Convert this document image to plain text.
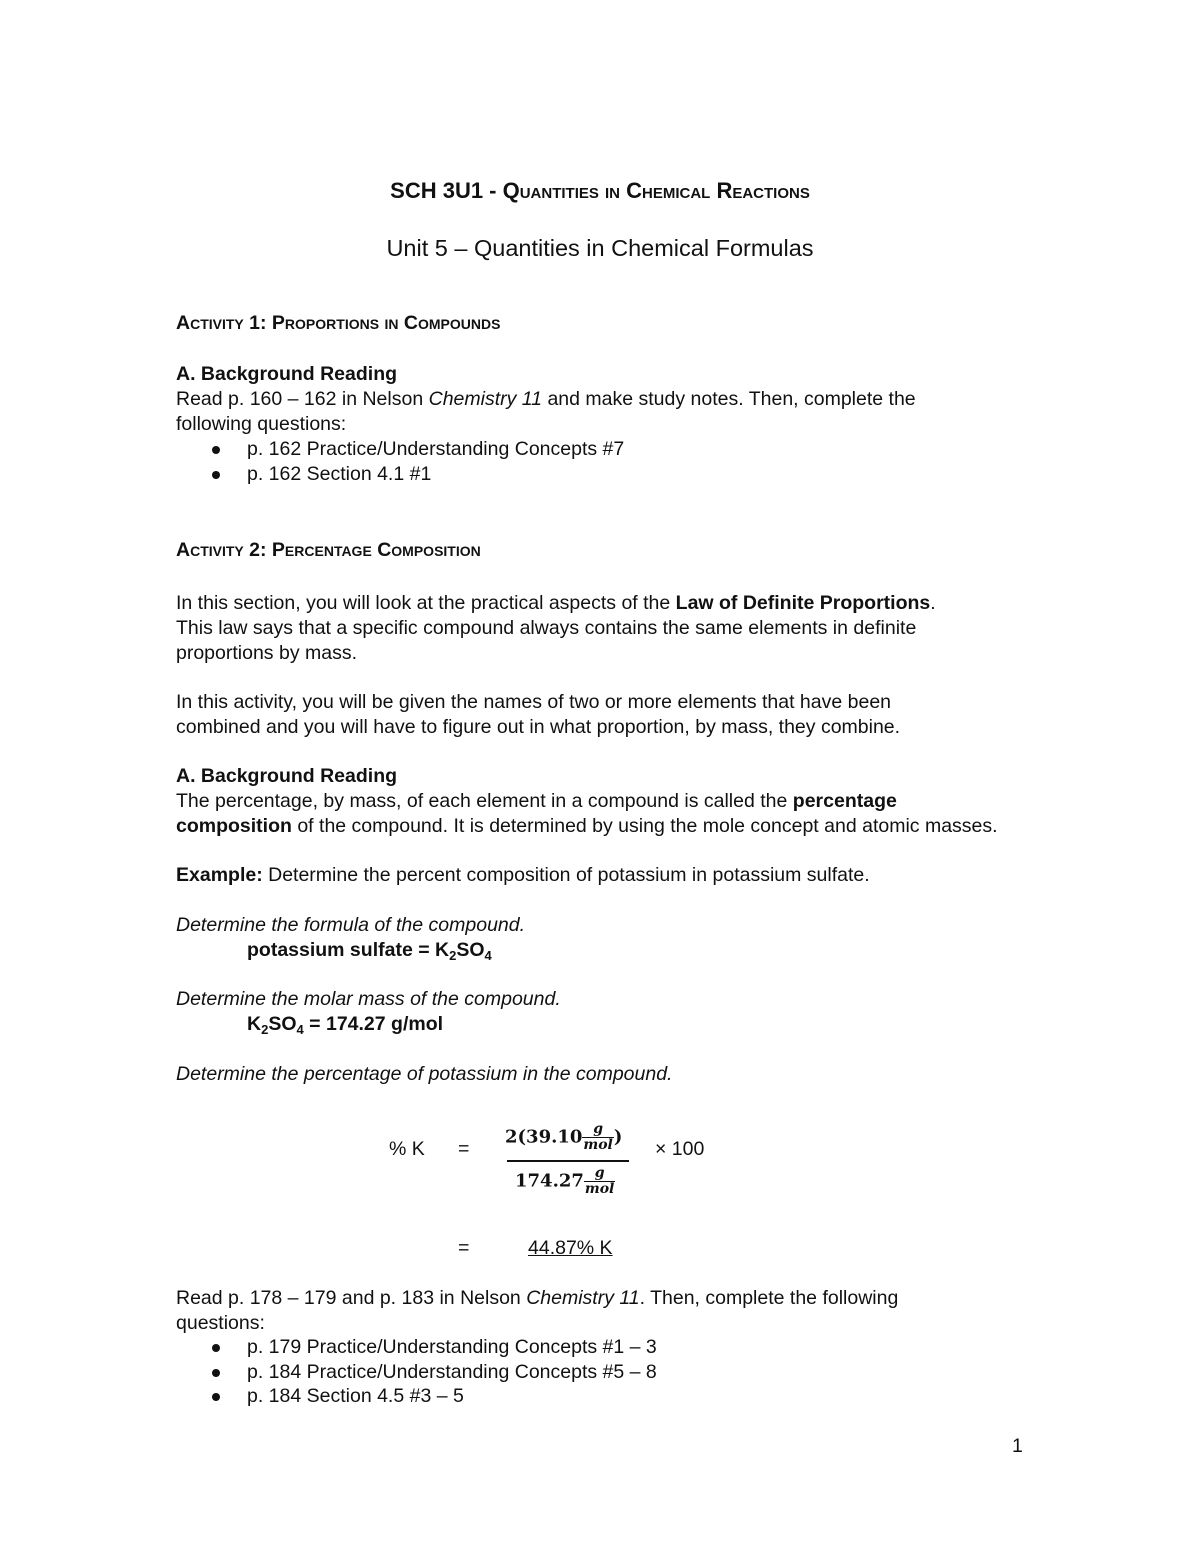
SCH 3U1 - Quantities in Chemical Reactions
Unit 5 – Quantities in Chemical Formulas
Activity 1: Proportions in Compounds
A. Background Reading
Read p. 160 – 162 in Nelson Chemistry 11 and make study notes. Then, complete the
following questions:
p. 162 Practice/Understanding Concepts #7
p. 162 Section 4.1 #1
Activity 2: Percentage Composition
In this section, you will look at the practical aspects of the Law of Definite Proportions.
This law says that a specific compound always contains the same elements in definite
proportions by mass.
In this activity, you will be given the names of two or more elements that have been
combined and you will have to figure out in what proportion, by mass, they combine.
A. Background Reading
The percentage, by mass, of each element in a compound is called the percentage
composition of the compound. It is determined by using the mole concept and atomic masses.
Example: Determine the percent composition of potassium in potassium sulfate.
Determine the formula of the compound.
potassium sulfate = $K_2SO_4$
Determine the molar mass of the compound.
$K_2SO_4 = 174.27$ g/mol
Determine the percentage of potassium in the compound.
% K =
$2(39.10 \frac{g}{\text{mol}}$ )
$174.27 \frac{g}{\text{mol}}$
× 100
=	44.87% K
Read p. 178 – 179 and p. 183 in Nelson Chemistry 11. Then, complete the following
questions:
p. 179 Practice/Understanding Concepts #1 – 3
p. 184 Practice/Understanding Concepts #5 – 8
p. 184 Section 4.5 #3 – 5
1
